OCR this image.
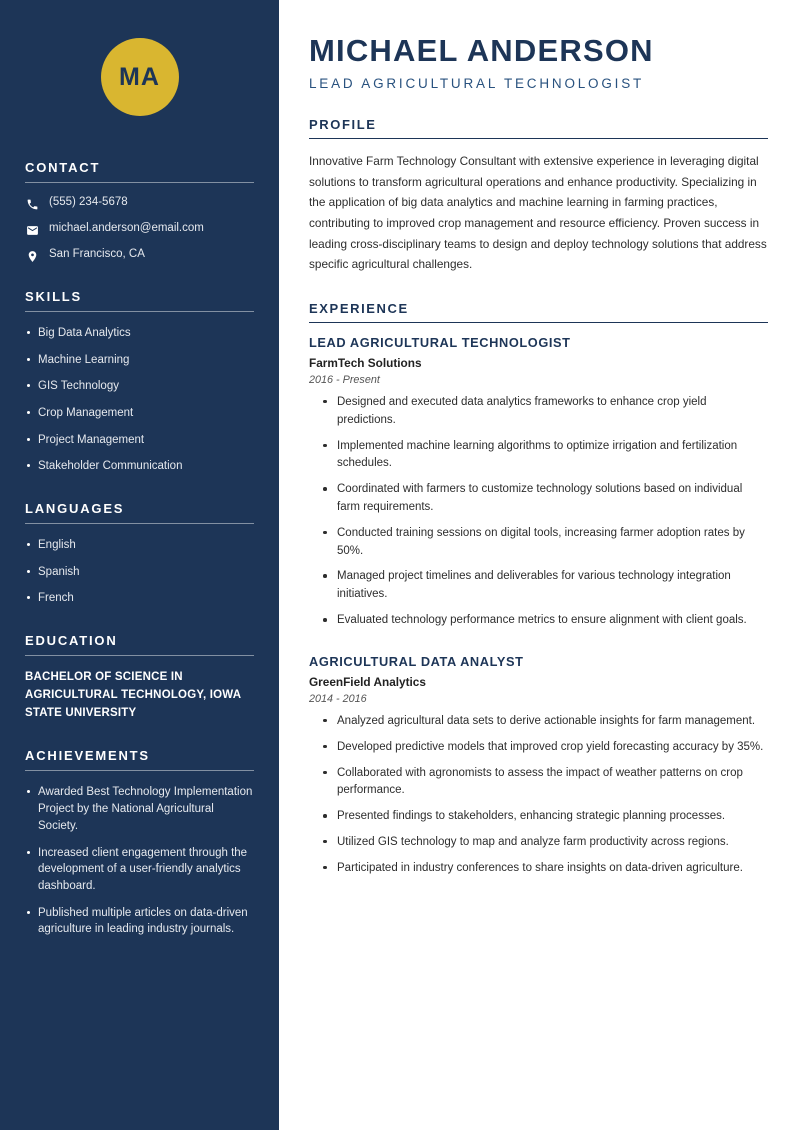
MA
CONTACT
(555) 234-5678
michael.anderson@email.com
San Francisco, CA
SKILLS
Big Data Analytics
Machine Learning
GIS Technology
Crop Management
Project Management
Stakeholder Communication
LANGUAGES
English
Spanish
French
EDUCATION
BACHELOR OF SCIENCE IN AGRICULTURAL TECHNOLOGY, IOWA STATE UNIVERSITY
ACHIEVEMENTS
Awarded Best Technology Implementation Project by the National Agricultural Society.
Increased client engagement through the development of a user-friendly analytics dashboard.
Published multiple articles on data-driven agriculture in leading industry journals.
MICHAEL ANDERSON
LEAD AGRICULTURAL TECHNOLOGIST
PROFILE

Innovative Farm Technology Consultant with extensive experience in leveraging digital solutions to transform agricultural operations and enhance productivity. Specializing in the application of big data analytics and machine learning in farming practices, contributing to improved crop management and resource efficiency. Proven success in leading cross-disciplinary teams to design and deploy technology solutions that address specific agricultural challenges.

EXPERIENCE
LEAD AGRICULTURAL TECHNOLOGIST
FarmTech Solutions
2016 - Present
Designed and executed data analytics frameworks to enhance crop yield predictions.
Implemented machine learning algorithms to optimize irrigation and fertilization schedules.
Coordinated with farmers to customize technology solutions based on individual farm requirements.
Conducted training sessions on digital tools, increasing farmer adoption rates by 50%.
Managed project timelines and deliverables for various technology integration initiatives.
Evaluated technology performance metrics to ensure alignment with client goals.
AGRICULTURAL DATA ANALYST
GreenField Analytics
2014 - 2016
Analyzed agricultural data sets to derive actionable insights for farm management.
Developed predictive models that improved crop yield forecasting accuracy by 35%.
Collaborated with agronomists to assess the impact of weather patterns on crop performance.
Presented findings to stakeholders, enhancing strategic planning processes.
Utilized GIS technology to map and analyze farm productivity across regions.
Participated in industry conferences to share insights on data-driven agriculture.
